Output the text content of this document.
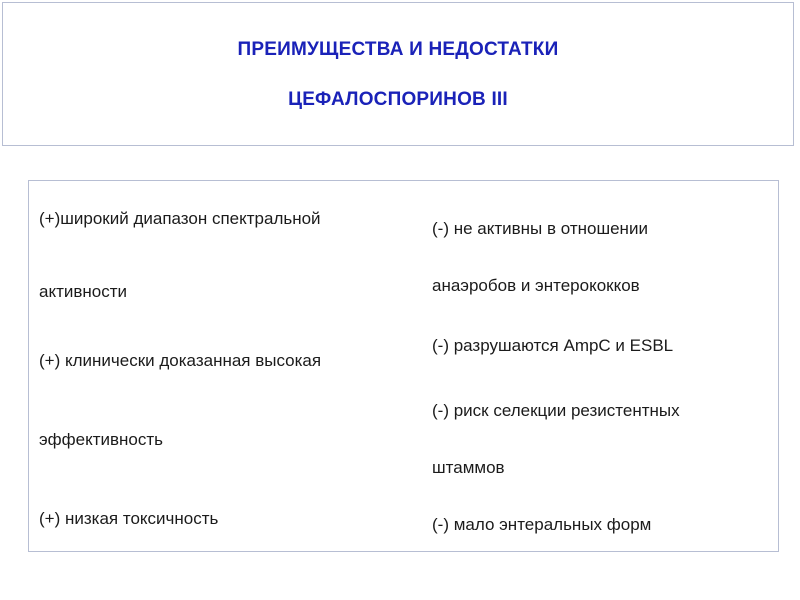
ПРЕИМУЩЕСТВА И НЕДОСТАТКИ
ЦЕФАЛОСПОРИНОВ III
(+)широкий диапазон спектральной
активности
(+) клинически доказанная высокая
эффективность
(+) низкая токсичность
(-) не активны в отношении
анаэробов и энтерококков
(-) разрушаются AmpC и ESBL
(-) риск селекции резистентных
штаммов
(-) мало энтеральных форм
